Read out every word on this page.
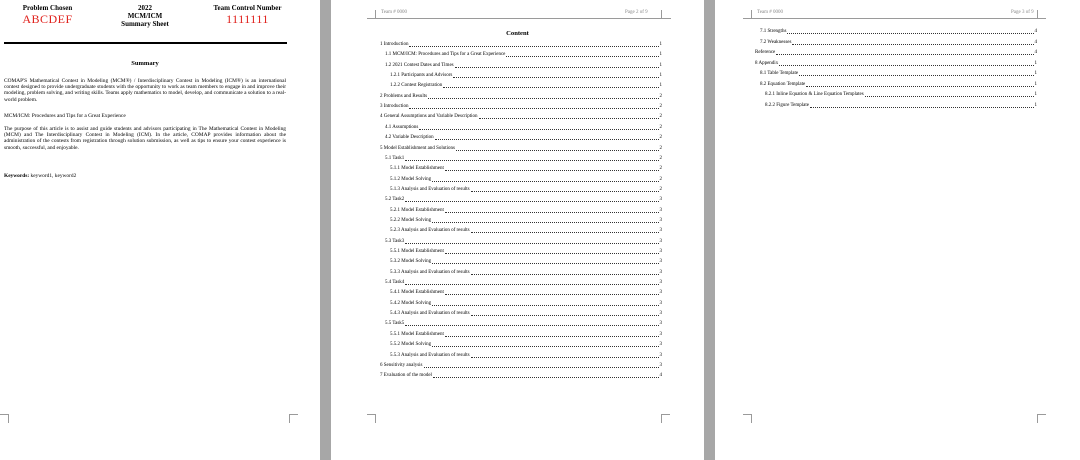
Problem Chosen
ABCDEF
2022
MCM/ICM
Summary Sheet
Team Control Number
1111111
Summary
COMAP'S Mathematical Contest in Modeling (MCM®) / Interdisciplinary Contest in Modeling (ICM®) is an international contest designed to provide undergraduate students with the opportunity to work as team members to engage in and improve their modeling, problem solving, and writing skills. Teams apply mathematics to model, develop, and communicate a solution to a real-world problem.
MCM/ICM: Procedures and Tips for a Great Experience
The purpose of this article is to assist and guide students and advisors participating in The Mathematical Contest in Modeling (MCM) and The Interdisciplinary Contest in Modeling (ICM). In the article, COMAP provides information about the administration of the contests from registration through solution submission, as well as tips to ensure your contest experience is smooth, successful, and enjoyable.
Keywords: keyword1, keyword2
Team # 0000	Page 2 of 9
Content
1 Introduction	1
1.1 MCM/ICM: Procedures and Tips for a Great Experience	1
1.2 2021 Contest Dates and Times	1
1.2.1 Participants and Advisors	1
1.2.2 Contest Registration	1
2 Problems and Results	2
3 Introduction	2
4 General Assumptions and Variable Description	2
4.1 Assumptions	2
4.2 Variable Description	2
5 Model Establishment and Solutions	2
5.1 Task1	2
5.1.1 Model Establishment	2
5.1.2 Model Solving	2
5.1.3 Analysis and Evaluation of results	2
5.2 Task2	3
5.2.1 Model Establishment	3
5.2.2 Model Solving	3
5.2.3 Analysis and Evaluation of results	3
5.3 Task3	3
5.5.1 Model Establishment	3
5.3.2 Model Solving	3
5.3.3 Analysis and Evaluation of results	3
5.4 Task4	3
5.4.1 Model Establishment	3
5.4.2 Model Solving	3
5.4.3 Analysis and Evaluation of results	3
5.5 Task5	3
5.5.1 Model Establishment	3
5.5.2 Model Solving	3
5.5.3 Analysis and Evaluation of results	3
6 Sensitivity analysis	3
7 Evaluation of the model	4
Team # 0000	Page 3 of 9
7.1 Strengths	4
7.2 Weaknesses	4
Reference	4
8 Appendix	1
8.1 Table Template	1
8.2 Equation Template	1
8.2.1 Inline Equation & Line Equation Templates	1
8.2.2 Figure Template	1
